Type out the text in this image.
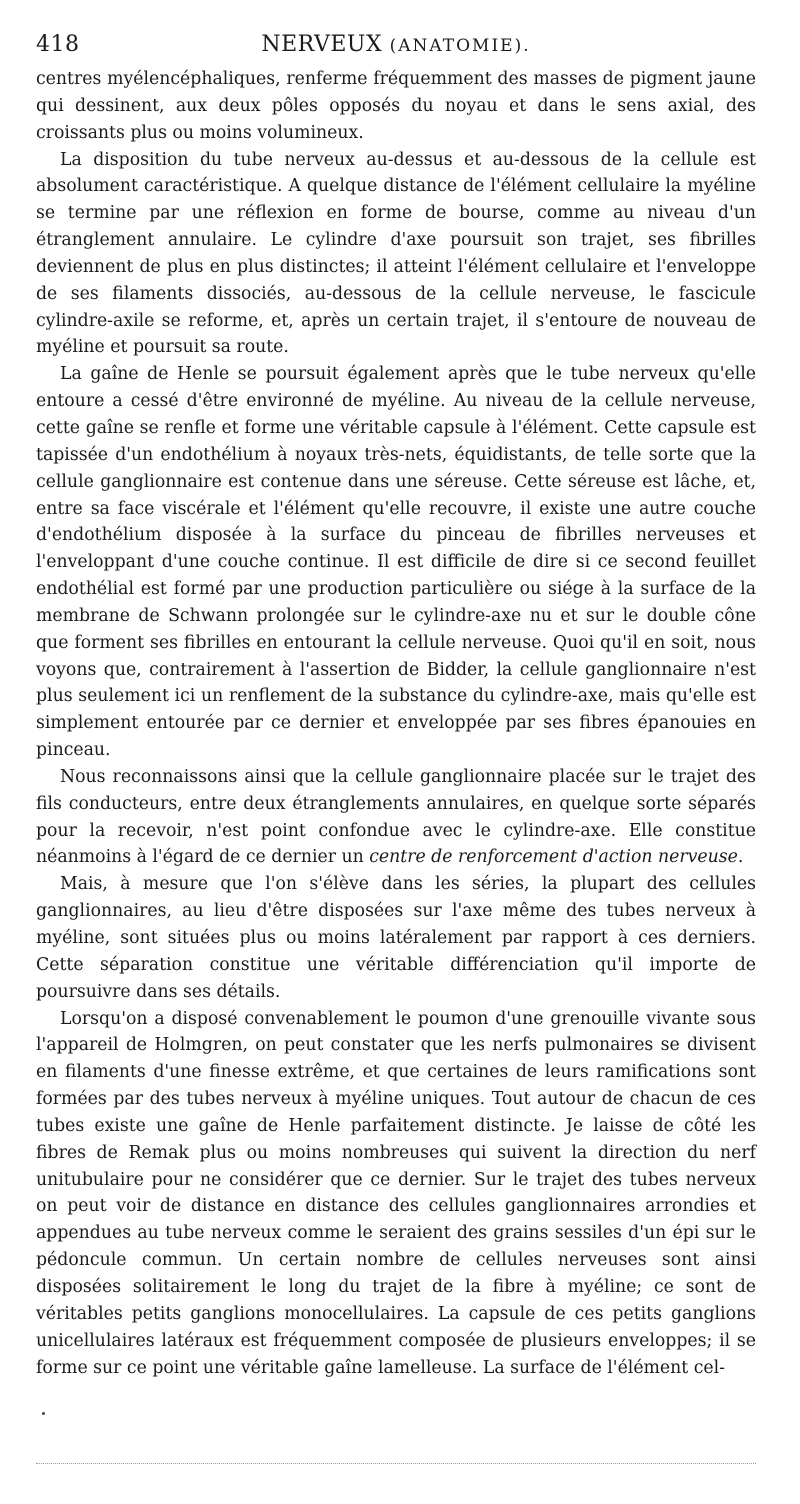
418	NERVEUX (ANATOMIE).

centres myélencéphaliques, renferme fréquemment des masses de pigment jaune qui dessinent, aux deux pôles opposés du noyau et dans le sens axial, des croissants plus ou moins volumineux.

La disposition du tube nerveux au-dessus et au-dessous de la cellule est absolument caractéristique. A quelque distance de l'élément cellulaire la myéline se termine par une réflexion en forme de bourse, comme au niveau d'un étranglement annulaire. Le cylindre d'axe poursuit son trajet, ses fibrilles deviennent de plus en plus distinctes; il atteint l'élément cellulaire et l'enveloppe de ses filaments dissociés, au-dessous de la cellule nerveuse, le fascicule cylindre-axile se reforme, et, après un certain trajet, il s'entoure de nouveau de myéline et poursuit sa route.

La gaîne de Henle se poursuit également après que le tube nerveux qu'elle entoure a cessé d'être environné de myéline. Au niveau de la cellule nerveuse, cette gaîne se renfle et forme une véritable capsule à l'élément. Cette capsule est tapissée d'un endothélium à noyaux très-nets, équidistants, de telle sorte que la cellule ganglionnaire est contenue dans une séreuse. Cette séreuse est lâche, et, entre sa face viscérale et l'élément qu'elle recouvre, il existe une autre couche d'endothélium disposée à la surface du pinceau de fibrilles nerveuses et l'enveloppant d'une couche continue. Il est difficile de dire si ce second feuillet endothélial est formé par une production particulière ou siége à la surface de la membrane de Schwann prolongée sur le cylindre-axe nu et sur le double cône que forment ses fibrilles en entourant la cellule nerveuse. Quoi qu'il en soit, nous voyons que, contrairement à l'assertion de Bidder, la cellule ganglionnaire n'est plus seulement ici un renflement de la substance du cylindre-axe, mais qu'elle est simplement entourée par ce dernier et enveloppée par ses fibres épanouies en pinceau.

Nous reconnaissons ainsi que la cellule ganglionnaire placée sur le trajet des fils conducteurs, entre deux étranglements annulaires, en quelque sorte séparés pour la recevoir, n'est point confondue avec le cylindre-axe. Elle constitue néanmoins à l'égard de ce dernier un centre de renforcement d'action nerveuse.

Mais, à mesure que l'on s'élève dans les séries, la plupart des cellules ganglionnaires, au lieu d'être disposées sur l'axe même des tubes nerveux à myéline, sont situées plus ou moins latéralement par rapport à ces derniers. Cette séparation constitue une véritable différenciation qu'il importe de poursuivre dans ses détails.

Lorsqu'on a disposé convenablement le poumon d'une grenouille vivante sous l'appareil de Holmgren, on peut constater que les nerfs pulmonaires se divisent en filaments d'une finesse extrême, et que certaines de leurs ramifications sont formées par des tubes nerveux à myéline uniques. Tout autour de chacun de ces tubes existe une gaîne de Henle parfaitement distincte. Je laisse de côté les fibres de Remak plus ou moins nombreuses qui suivent la direction du nerf unitubulaire pour ne considérer que ce dernier. Sur le trajet des tubes nerveux on peut voir de distance en distance des cellules ganglionnaires arrondies et appendues au tube nerveux comme le seraient des grains sessiles d'un épi sur le pédoncule commun. Un certain nombre de cellules nerveuses sont ainsi disposées solitairement le long du trajet de la fibre à myéline; ce sont de véritables petits ganglions monocellulaires. La capsule de ces petits ganglions unicellulaires latéraux est fréquemment composée de plusieurs enveloppes; il se forme sur ce point une véritable gaîne lamelleuse. La surface de l'élément cel-
